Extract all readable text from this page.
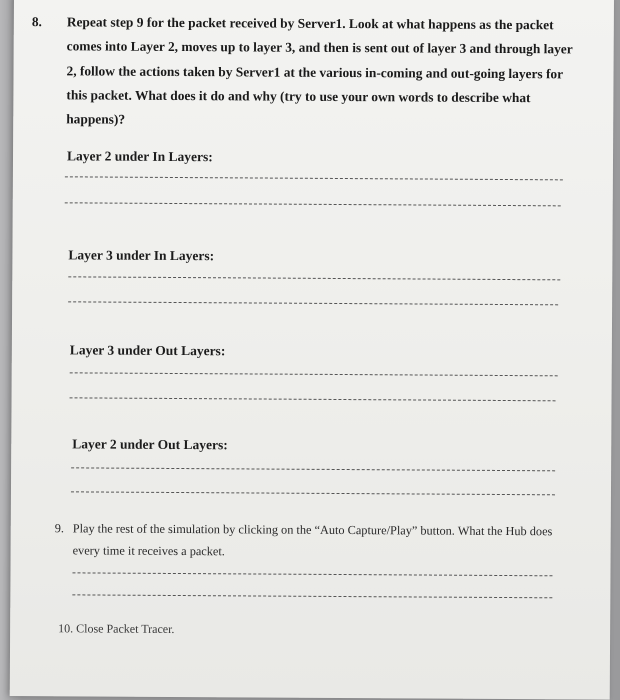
8. Repeat step 9 for the packet received by Server1. Look at what happens as the packet comes into Layer 2, moves up to layer 3, and then is sent out of layer 3 and through layer 2, follow the actions taken by Server1 at the various in-coming and out-going layers for this packet. What does it do and why (try to use your own words to describe what happens)?
Layer 2 under In Layers:
Layer 3 under In Layers:
Layer 3 under Out Layers:
Layer 2 under Out Layers:
9. Play the rest of the simulation by clicking on the “Auto Capture/Play” button. What the Hub does every time it receives a packet.
10. Close Packet Tracer.
